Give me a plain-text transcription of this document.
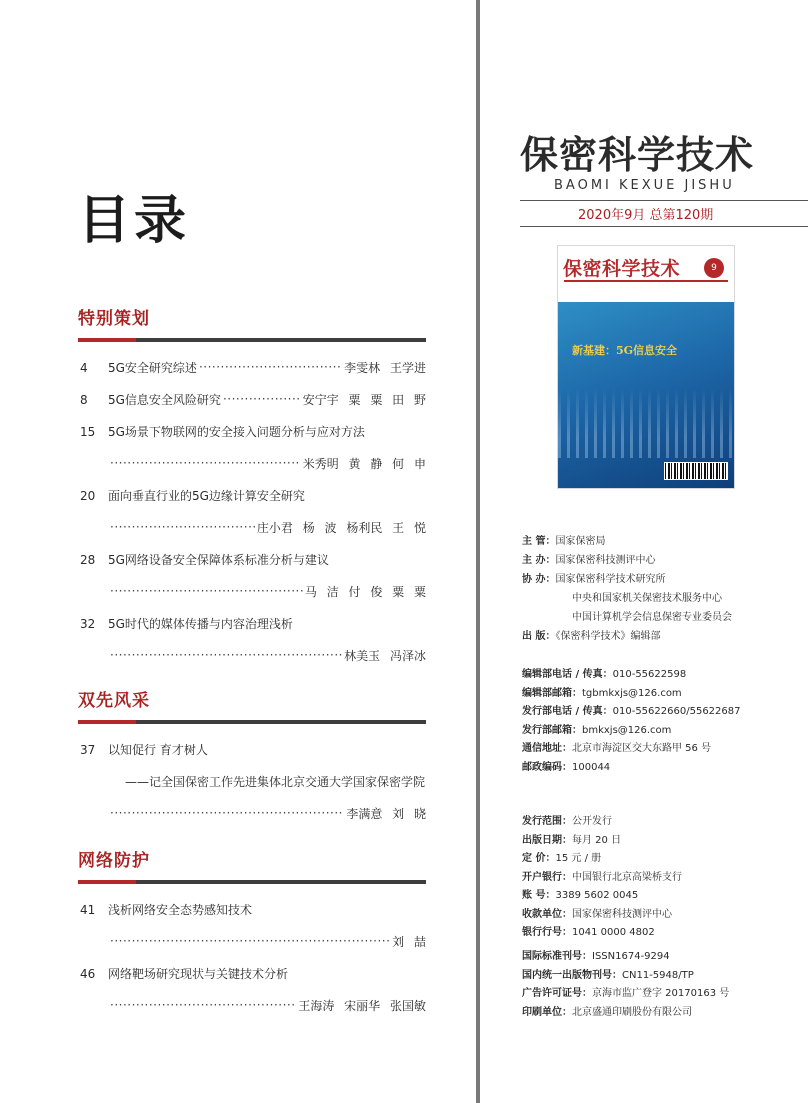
目录
特别策划
4 5G安全研究综述 ·····	李雯林 王学进
8 5G信息安全风险研究 ·····	安宁宇 粟 粟 田 野
15 5G场景下物联网的安全接入问题分析与应对方法
·····
米秀明 黄 静 何 申
20 面向垂直行业的5G边缘计算安全研究
·····
庄小君 杨 波 杨利民 王 悦
28 5G网络设备安全保障体系标准分析与建议
·····
马 洁 付 俊 粟 粟
32 5G时代的媒体传播与内容治理浅析
·····
林美玉 冯泽冰
双先风采
37 以知促行 育才树人
——记全国保密工作先进集体北京交通大学国家保密学院
·····
李满意 刘 晓
网络防护
41 浅析网络安全态势感知技术
·····
刘 喆
46 网络靶场研究现状与关键技术分析
·····
王海涛 宋丽华 张国敏
保密科学技术
BAOMI KEXUE JISHU
2020年9月 总第120期
保密科学技术	9
新基建：5G信息安全
主 管：国家保密局
主 办：国家保密科技测评中心
协 办：国家保密科学技术研究所
中央和国家机关保密技术服务中心
中国计算机学会信息保密专业委员会
出 版：《保密科学技术》编辑部
编辑部电话 / 传真：010-55622598
编辑部邮箱：tgbmkxjs@126.com
发行部电话 / 传真：010-55622660/55622687
发行部邮箱：bmkxjs@126.com
通信地址：北京市海淀区交大东路甲 56 号
邮政编码：100044
发行范围：公开发行
出版日期：每月 20 日
定 价：15 元 / 册
开户银行：中国银行北京高梁桥支行
账 号：3389 5602 0045
收款单位：国家保密科技测评中心
银行行号：1041 0000 4802
国际标准刊号：ISSN1674-9294
国内统一出版物刊号：CN11-5948/TP
广告许可证号：京海市监广登字 20170163 号
印刷单位：北京盛通印刷股份有限公司
